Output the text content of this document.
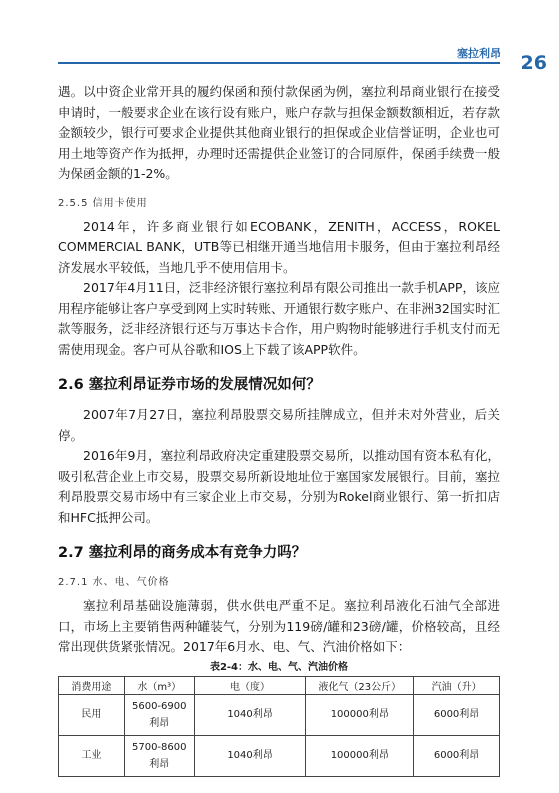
塞拉利昂 26

遇。以中资企业常开具的履约保函和预付款保函为例，塞拉利昂商业银行在接受申请时，一般要求企业在该行设有账户，账户存款与担保金额数额相近，若存款金额较少，银行可要求企业提供其他商业银行的担保或企业信誉证明，企业也可用土地等资产作为抵押，办理时还需提供企业签订的合同原件，保函手续费一般为保函金额的1-2%。

2.5.5 信用卡使用

2014年，许多商业银行如ECOBANK，ZENITH，ACCESS，ROKEL COMMERCIAL BANK，UTB等已相继开通当地信用卡服务，但由于塞拉利昂经济发展水平较低，当地几乎不使用信用卡。

2017年4月11日，泛非经济银行塞拉利昂有限公司推出一款手机APP，该应用程序能够让客户享受到网上实时转账、开通银行数字账户、在非洲32国实时汇款等服务，泛非经济银行还与万事达卡合作，用户购物时能够进行手机支付而无需使用现金。客户可从谷歌和IOS上下载了该APP软件。

2.6 塞拉利昂证券市场的发展情况如何？

2007年7月27日，塞拉利昂股票交易所挂牌成立，但并未对外营业，后关停。

2016年9月，塞拉利昂政府决定重建股票交易所，以推动国有资本私有化，吸引私营企业上市交易，股票交易所新设地址位于塞国家发展银行。目前，塞拉利昂股票交易市场中有三家企业上市交易，分别为Rokel商业银行、第一折扣店和HFC抵押公司。

2.7 塞拉利昂的商务成本有竞争力吗？
2.7.1 水、电、气价格

塞拉利昂基础设施薄弱，供水供电严重不足。塞拉利昂液化石油气全部进口，市场上主要销售两种罐装气，分别为119磅/罐和23磅/罐，价格较高，且经常出现供货紧张情况。2017年6月水、电、气、汽油价格如下：

表2-4：水、电、气、汽油价格
消费用途	水（m³）	电（度）	液化气（23公斤）	汽油（升）
民用	5600-6900 利昂	1040利昂	100000利昂	6000利昂
工业	5700-8600 利昂	1040利昂	100000利昂	6000利昂
